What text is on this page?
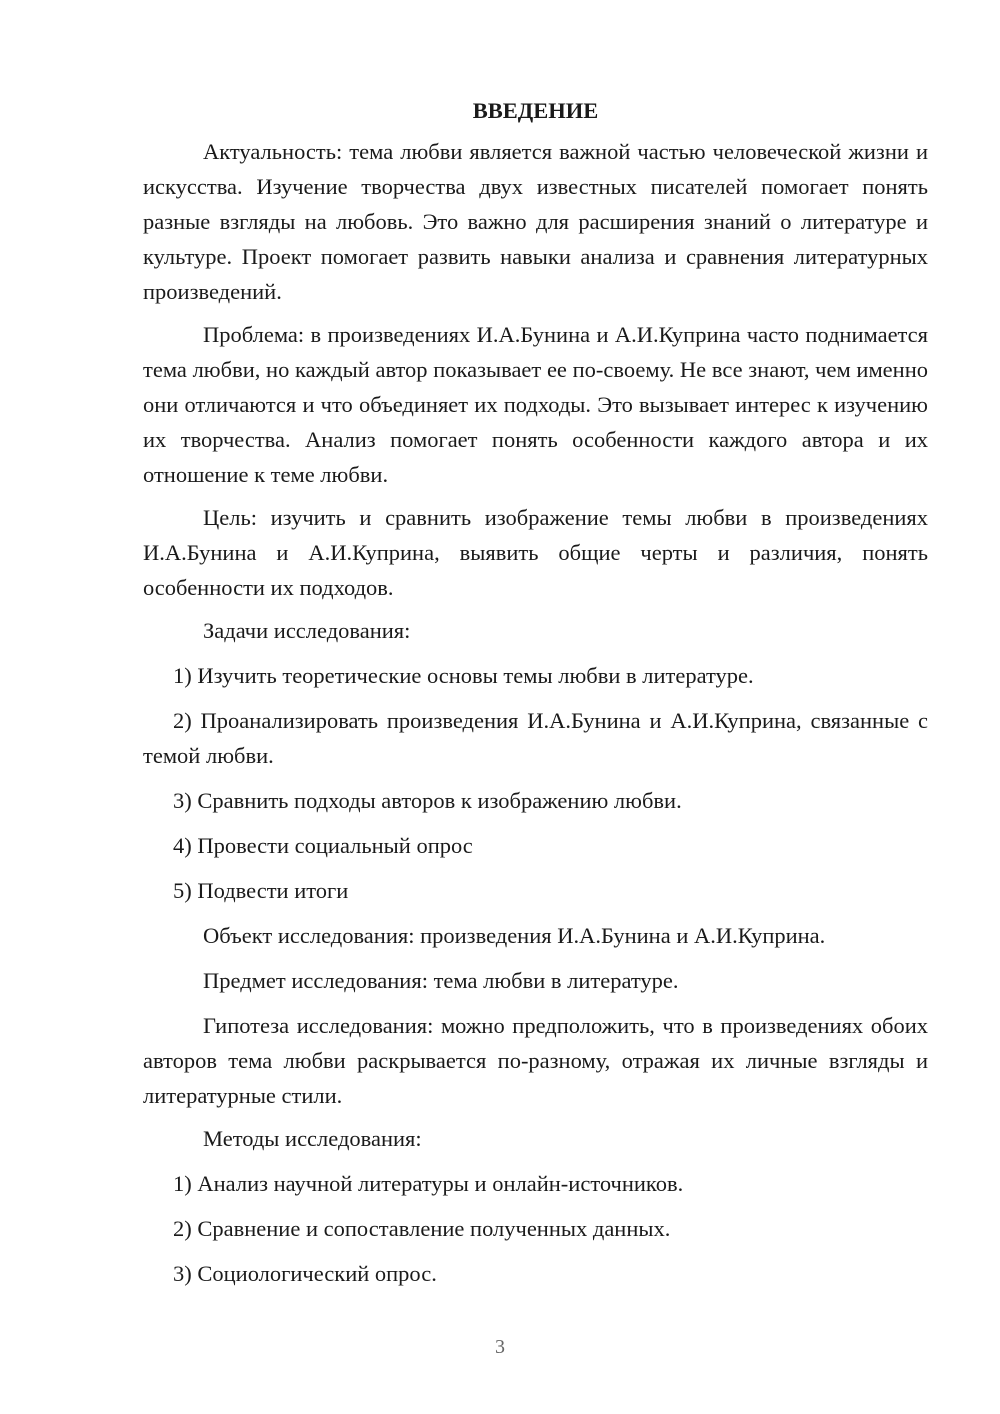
ВВЕДЕНИЕ

Актуальность: тема любви является важной частью человеческой жизни и искусства. Изучение творчества двух известных писателей помогает понять разные взгляды на любовь. Это важно для расширения знаний о литературе и культуре. Проект помогает развить навыки анализа и сравнения литературных произведений.

Проблема: в произведениях И.А.Бунина и А.И.Куприна часто поднимается тема любви, но каждый автор показывает ее по-своему. Не все знают, чем именно они отличаются и что объединяет их подходы. Это вызывает интерес к изучению их творчества. Анализ помогает понять особенности каждого автора и их отношение к теме любви.

Цель: изучить и сравнить изображение темы любви в произведениях И.А.Бунина и А.И.Куприна, выявить общие черты и различия, понять особенности их подходов.

Задачи исследования:
1) Изучить теоретические основы темы любви в литературе.
2) Проанализировать произведения И.А.Бунина и А.И.Куприна, связанные с темой любви.
3) Сравнить подходы авторов к изображению любви.
4) Провести социальный опрос
5) Подвести итоги
Объект исследования: произведения И.А.Бунина и А.И.Куприна.
Предмет исследования: тема любви в литературе.

Гипотеза исследования: можно предположить, что в произведениях обоих авторов тема любви раскрывается по-разному, отражая их личные взгляды и литературные стили.

Методы исследования:
1) Анализ научной литературы и онлайн-источников.
2) Сравнение и сопоставление полученных данных.
3) Социологический опрос.
3
